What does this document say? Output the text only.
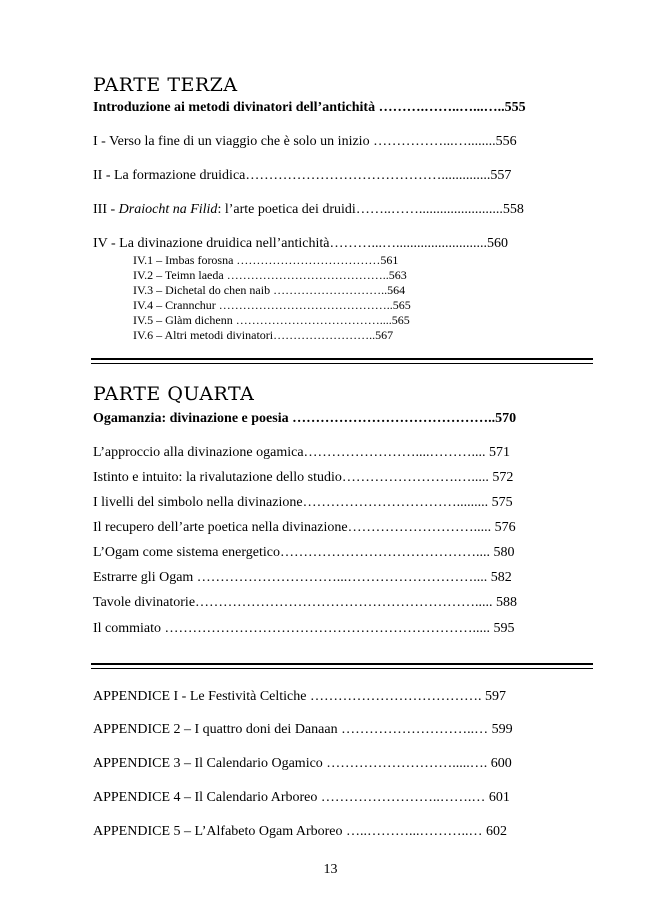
PARTE TERZA
Introduzione ai metodi divinatori dell’antichità ……….……..…...…..555
I - Verso la fine di un viaggio che è solo un inizio ……………...…........556
II - La formazione druidica……………………………………..............557
III - Draiocht na Filid: l’arte poetica dei druidi……..……........................558
IV - La divinazione druidica nell’antichità………...…..........................560
IV.1 – Imbas forosna ………………………………561
IV.2 – Teimn laeda …………………………………..563
IV.3 – Dichetal do chen naib ………………………..564
IV.4 – Crannchur ……………………………………..565
IV.5 – Glàm dichenn ………………………………....565
IV.6 – Altri metodi divinatori……………………..567
PARTE QUARTA
Ogamanzia: divinazione e poesia ……………………………………..570
L’approccio alla divinazione ogamica……………………....……….... 571
Istinto e intuito: la rivalutazione dello studio…………………….…..... 572
I livelli del simbolo nella divinazione……………………………......... 575
Il recupero dell’arte poetica nella divinazione………………………..... 576
L’Ogam come sistema energetico…………………………………….... 580
Estrarre gli Ogam …………………………...……………………….... 582
Tavole divinatorie……………………………………………………..... 588
Il commiato …………………………………………………………..... 595
APPENDICE I - Le Festività Celtiche ………………………………. 597
APPENDICE 2 – I quattro doni dei Danaan ………………………..… 599
APPENDICE 3 – Il Calendario Ogamico ……………………….....…. 600
APPENDICE 4 – Il Calendario Arboreo ……………………..…….… 601
APPENDICE 5 – L’Alfabeto Ogam Arboreo …..………...………..… 602
13
